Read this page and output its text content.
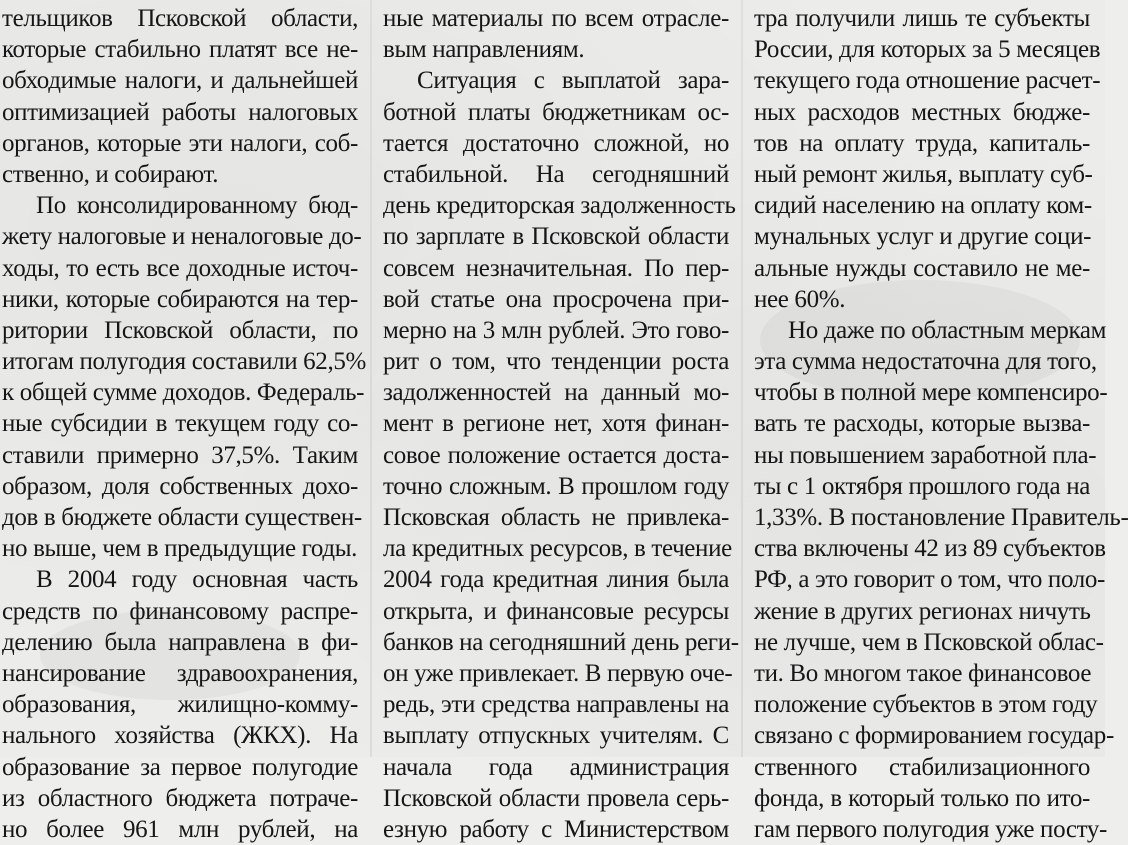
тельщиков Псковской области,
которые стабильно платят все не-
обходимые налоги, и дальнейшей
оптимизацией работы налоговых
органов, которые эти налоги, соб-
ственно, и собирают.
По консолидированному бюд-
жету налоговые и неналоговые до-
ходы, то есть все доходные источ-
ники, которые собираются на тер-
ритории Псковской области, по
итогам полугодия составили 62,5%
к общей сумме доходов. Федераль-
ные субсидии в текущем году со-
ставили примерно 37,5%. Таким
образом, доля собственных дохо-
дов в бюджете области существен-
но выше, чем в предыдущие годы.
В 2004 году основная часть
средств по финансовому распре-
делению была направлена в фи-
нансирование здравоохранения,
образования, жилищно-комму-
нального хозяйства (ЖКХ). На
образование за первое полугодие
из областного бюджета потраче-
но более 961 млн рублей, на
ные материалы по всем отрасле-
вым направлениям.
Ситуация с выплатой зара-
ботной платы бюджетникам ос-
тается достаточно сложной, но
стабильной. На сегодняшний
день кредиторская задолженность
по зарплате в Псковской области
совсем незначительная. По пер-
вой статье она просрочена при-
мерно на 3 млн рублей. Это гово-
рит о том, что тенденции роста
задолженностей на данный мо-
мент в регионе нет, хотя финан-
совое положение остается доста-
точно сложным. В прошлом году
Псковская область не привлека-
ла кредитных ресурсов, в течение
2004 года кредитная линия была
открыта, и финансовые ресурсы
банков на сегодняшний день реги-
он уже привлекает. В первую оче-
редь, эти средства направлены на
выплату отпускных учителям. С
начала года администрация
Псковской области провела серь-
езную работу с Министерством
тра получили лишь те субъекты
России, для которых за 5 месяцев
текущего года отношение расчет-
ных расходов местных бюдже-
тов на оплату труда, капиталь-
ный ремонт жилья, выплату суб-
сидий населению на оплату ком-
мунальных услуг и другие соци-
альные нужды составило не ме-
нее 60%.
Но даже по областным меркам
эта сумма недостаточна для того,
чтобы в полной мере компенсиро-
вать те расходы, которые вызва-
ны повышением заработной пла-
ты с 1 октября прошлого года на
1,33%. В постановление Правитель-
ства включены 42 из 89 субъектов
РФ, а это говорит о том, что поло-
жение в других регионах ничуть
не лучше, чем в Псковской облас-
ти. Во многом такое финансовое
положение субъектов в этом году
связано с формированием государ-
ственного стабилизационного
фонда, в который только по ито-
гам первого полугодия уже посту-
